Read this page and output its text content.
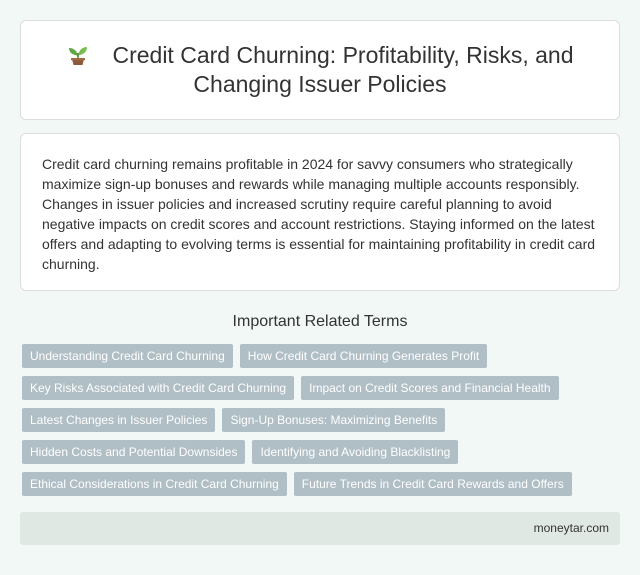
Credit Card Churning: Profitability, Risks, and Changing Issuer Policies

Credit card churning remains profitable in 2024 for savvy consumers who strategically maximize sign-up bonuses and rewards while managing multiple accounts responsibly. Changes in issuer policies and increased scrutiny require careful planning to avoid negative impacts on credit scores and account restrictions. Staying informed on the latest offers and adapting to evolving terms is essential for maintaining profitability in credit card churning.

Important Related Terms
Understanding Credit Card Churning	How Credit Card Churning Generates Profit
Key Risks Associated with Credit Card Churning	Impact on Credit Scores and Financial Health
Latest Changes in Issuer Policies	Sign-Up Bonuses: Maximizing Benefits
Hidden Costs and Potential Downsides	Identifying and Avoiding Blacklisting
Ethical Considerations in Credit Card Churning	Future Trends in Credit Card Rewards and Offers
moneytar.com
